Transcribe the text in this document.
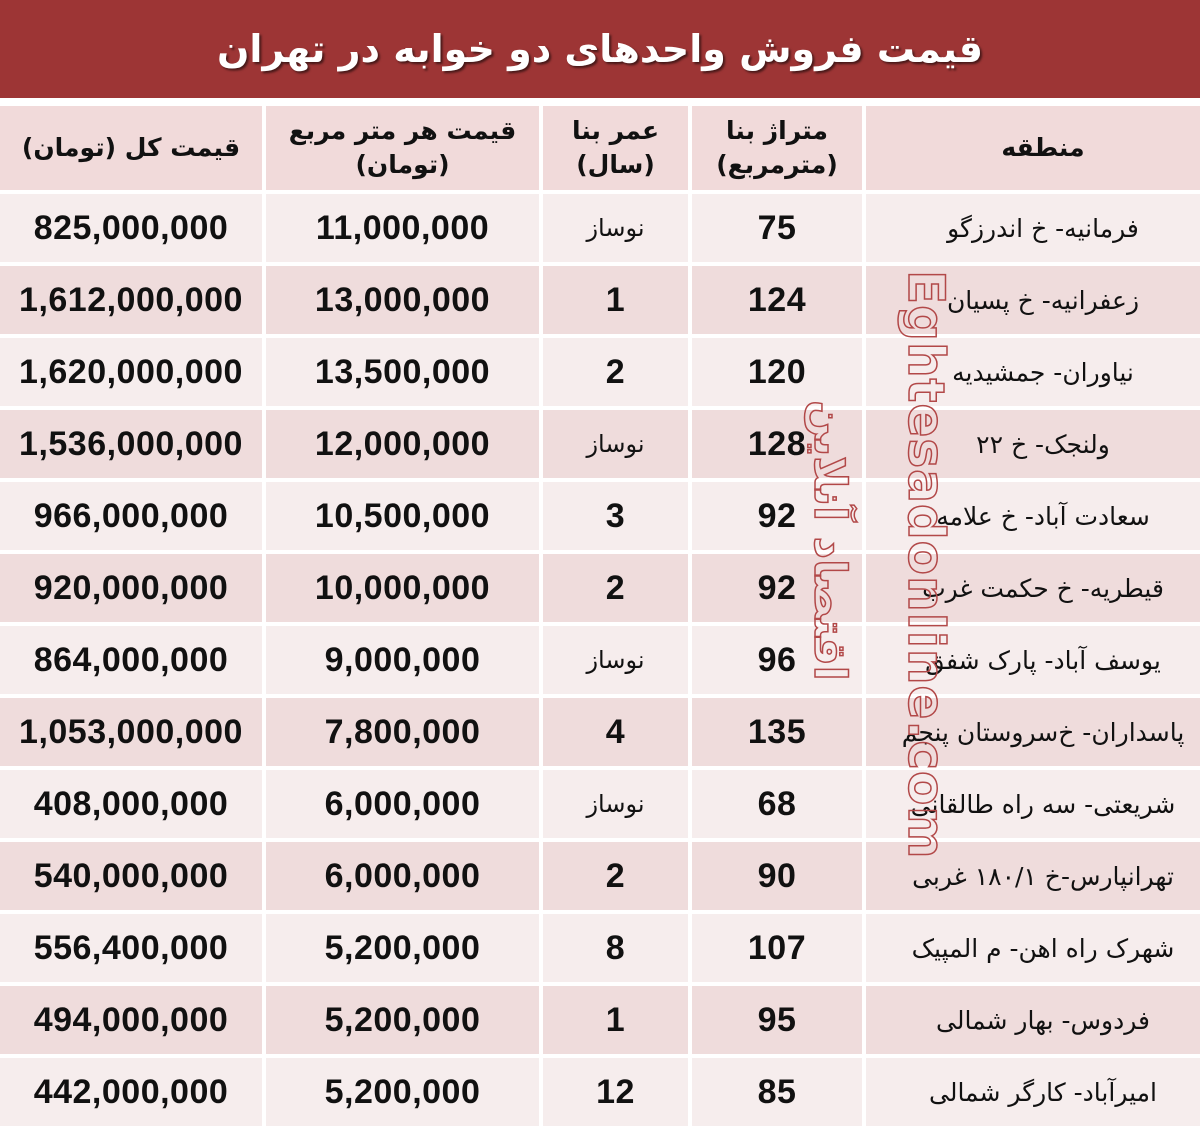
قیمت فروش واحدهای دو خوابه در تهران
قیمت کل (تومان)	قیمت هر متر مربع (تومان)	عمر بنا (سال)	متراژ بنا (مترمربع)	منطقه
825,000,000	11,000,000	نوساز	75	فرمانیه- خ اندرزگو
1,612,000,000	13,000,000	1	124	زعفرانیه- خ پسیان
1,620,000,000	13,500,000	2	120	نیاوران- جمشیدیه
1,536,000,000	12,000,000	نوساز	128	ولنجک- خ ۲۲
966,000,000	10,500,000	3	92	سعادت آباد- خ علامه
920,000,000	10,000,000	2	92	قیطریه- خ حکمت غرب
864,000,000	9,000,000	نوساز	96	یوسف آباد- پارک شفق
1,053,000,000	7,800,000	4	135	پاسداران- خ‌سروستان پنجم
408,000,000	6,000,000	نوساز	68	شریعتی- سه راه طالقانی
540,000,000	6,000,000	2	90	تهرانپارس-خ ۱۸۰/۱ غربی
556,400,000	5,200,000	8	107	شهرک راه اهن- م المپیک
494,000,000	5,200,000	1	95	فردوس- بهار شمالی
442,000,000	5,200,000	12	85	امیرآباد- کارگر شمالی
